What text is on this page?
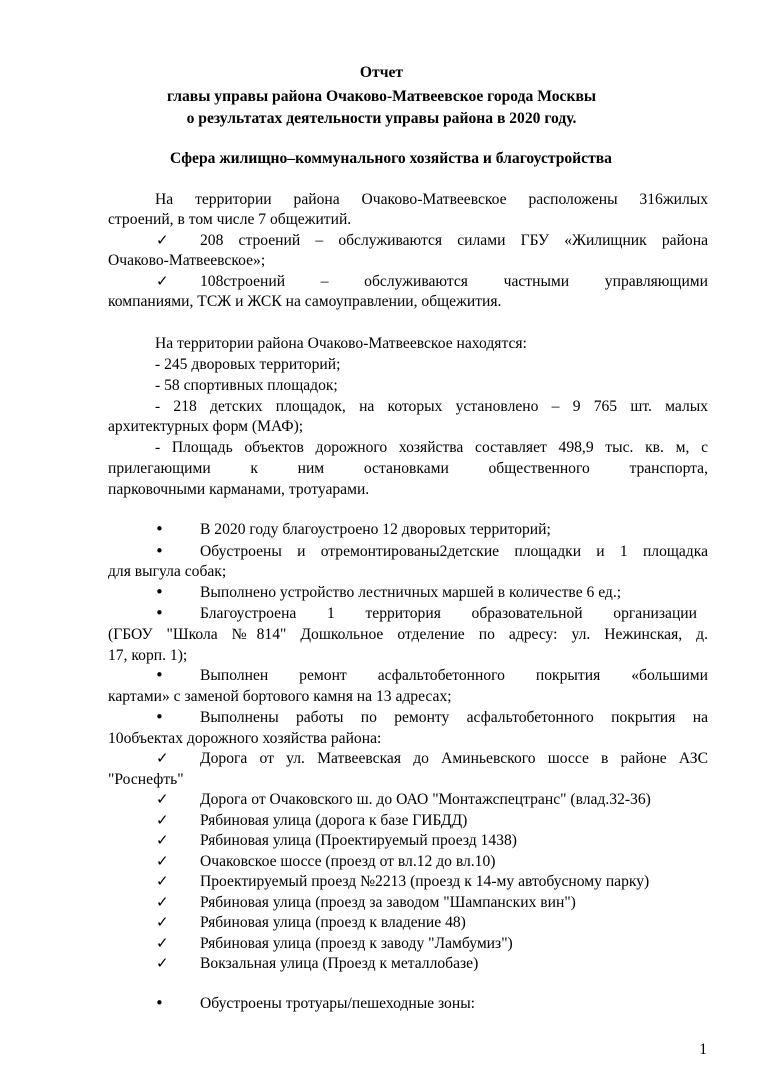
Отчет
главы управы района Очаково-Матвеевское города Москвы
о результатах деятельности управы района в 2020 году.
Сфера жилищно–коммунального хозяйства и благоустройства
На территории района Очаково-Матвеевское расположены 316жилых
строений, в том числе 7 общежитий.
✓ 208 строений – обслуживаются силами ГБУ «Жилищник района
Очаково-Матвеевское»;
✓ 108строений – обслуживаются частными управляющими
компаниями, ТСЖ и ЖСК на самоуправлении, общежития.
На территории района Очаково-Матвеевское находятся:
- 245 дворовых территорий;
- 58 спортивных площадок;
- 218 детских площадок, на которых установлено – 9 765 шт. малых
архитектурных форм (МАФ);
- Площадь объектов дорожного хозяйства составляет 498,9 тыс. кв. м, с
прилегающими к ним остановками общественного транспорта,
парковочными карманами, тротуарами.
• В 2020 году благоустроено 12 дворовых территорий;
• Обустроены и отремонтированы2детские площадки и 1 площадка
для выгула собак;
• Выполнено устройство лестничных маршей в количестве 6 ед.;
• Благоустроена 1 территория образовательной организации
(ГБОУ "Школа №814" Дошкольное отделение по адресу: ул. Нежинская, д.
17, корп. 1);
• Выполнен ремонт асфальтобетонного покрытия «большими
картами» с заменой бортового камня на 13 адресах;
• Выполнены работы по ремонту асфальтобетонного покрытия на
10объектах дорожного хозяйства района:
✓ Дорога от ул. Матвеевская до Аминьевского шоссе в районе АЗС
"Роснефть"
✓ Дорога от Очаковского ш. до ОАО "Монтажспецтранс" (влад.32-36)
✓ Рябиновая улица (дорога к базе ГИБДД)
✓ Рябиновая улица (Проектируемый проезд 1438)
✓ Очаковское шоссе (проезд от вл.12 до вл.10)
✓ Проектируемый проезд №2213 (проезд к 14-му автобусному парку)
✓ Рябиновая улица (проезд за заводом "Шампанских вин")
✓ Рябиновая улица (проезд к владение 48)
✓ Рябиновая улица (проезд к заводу "Ламбумиз")
✓ Вокзальная улица (Проезд к металлобазе)
• Обустроены тротуары/пешеходные зоны:
1
